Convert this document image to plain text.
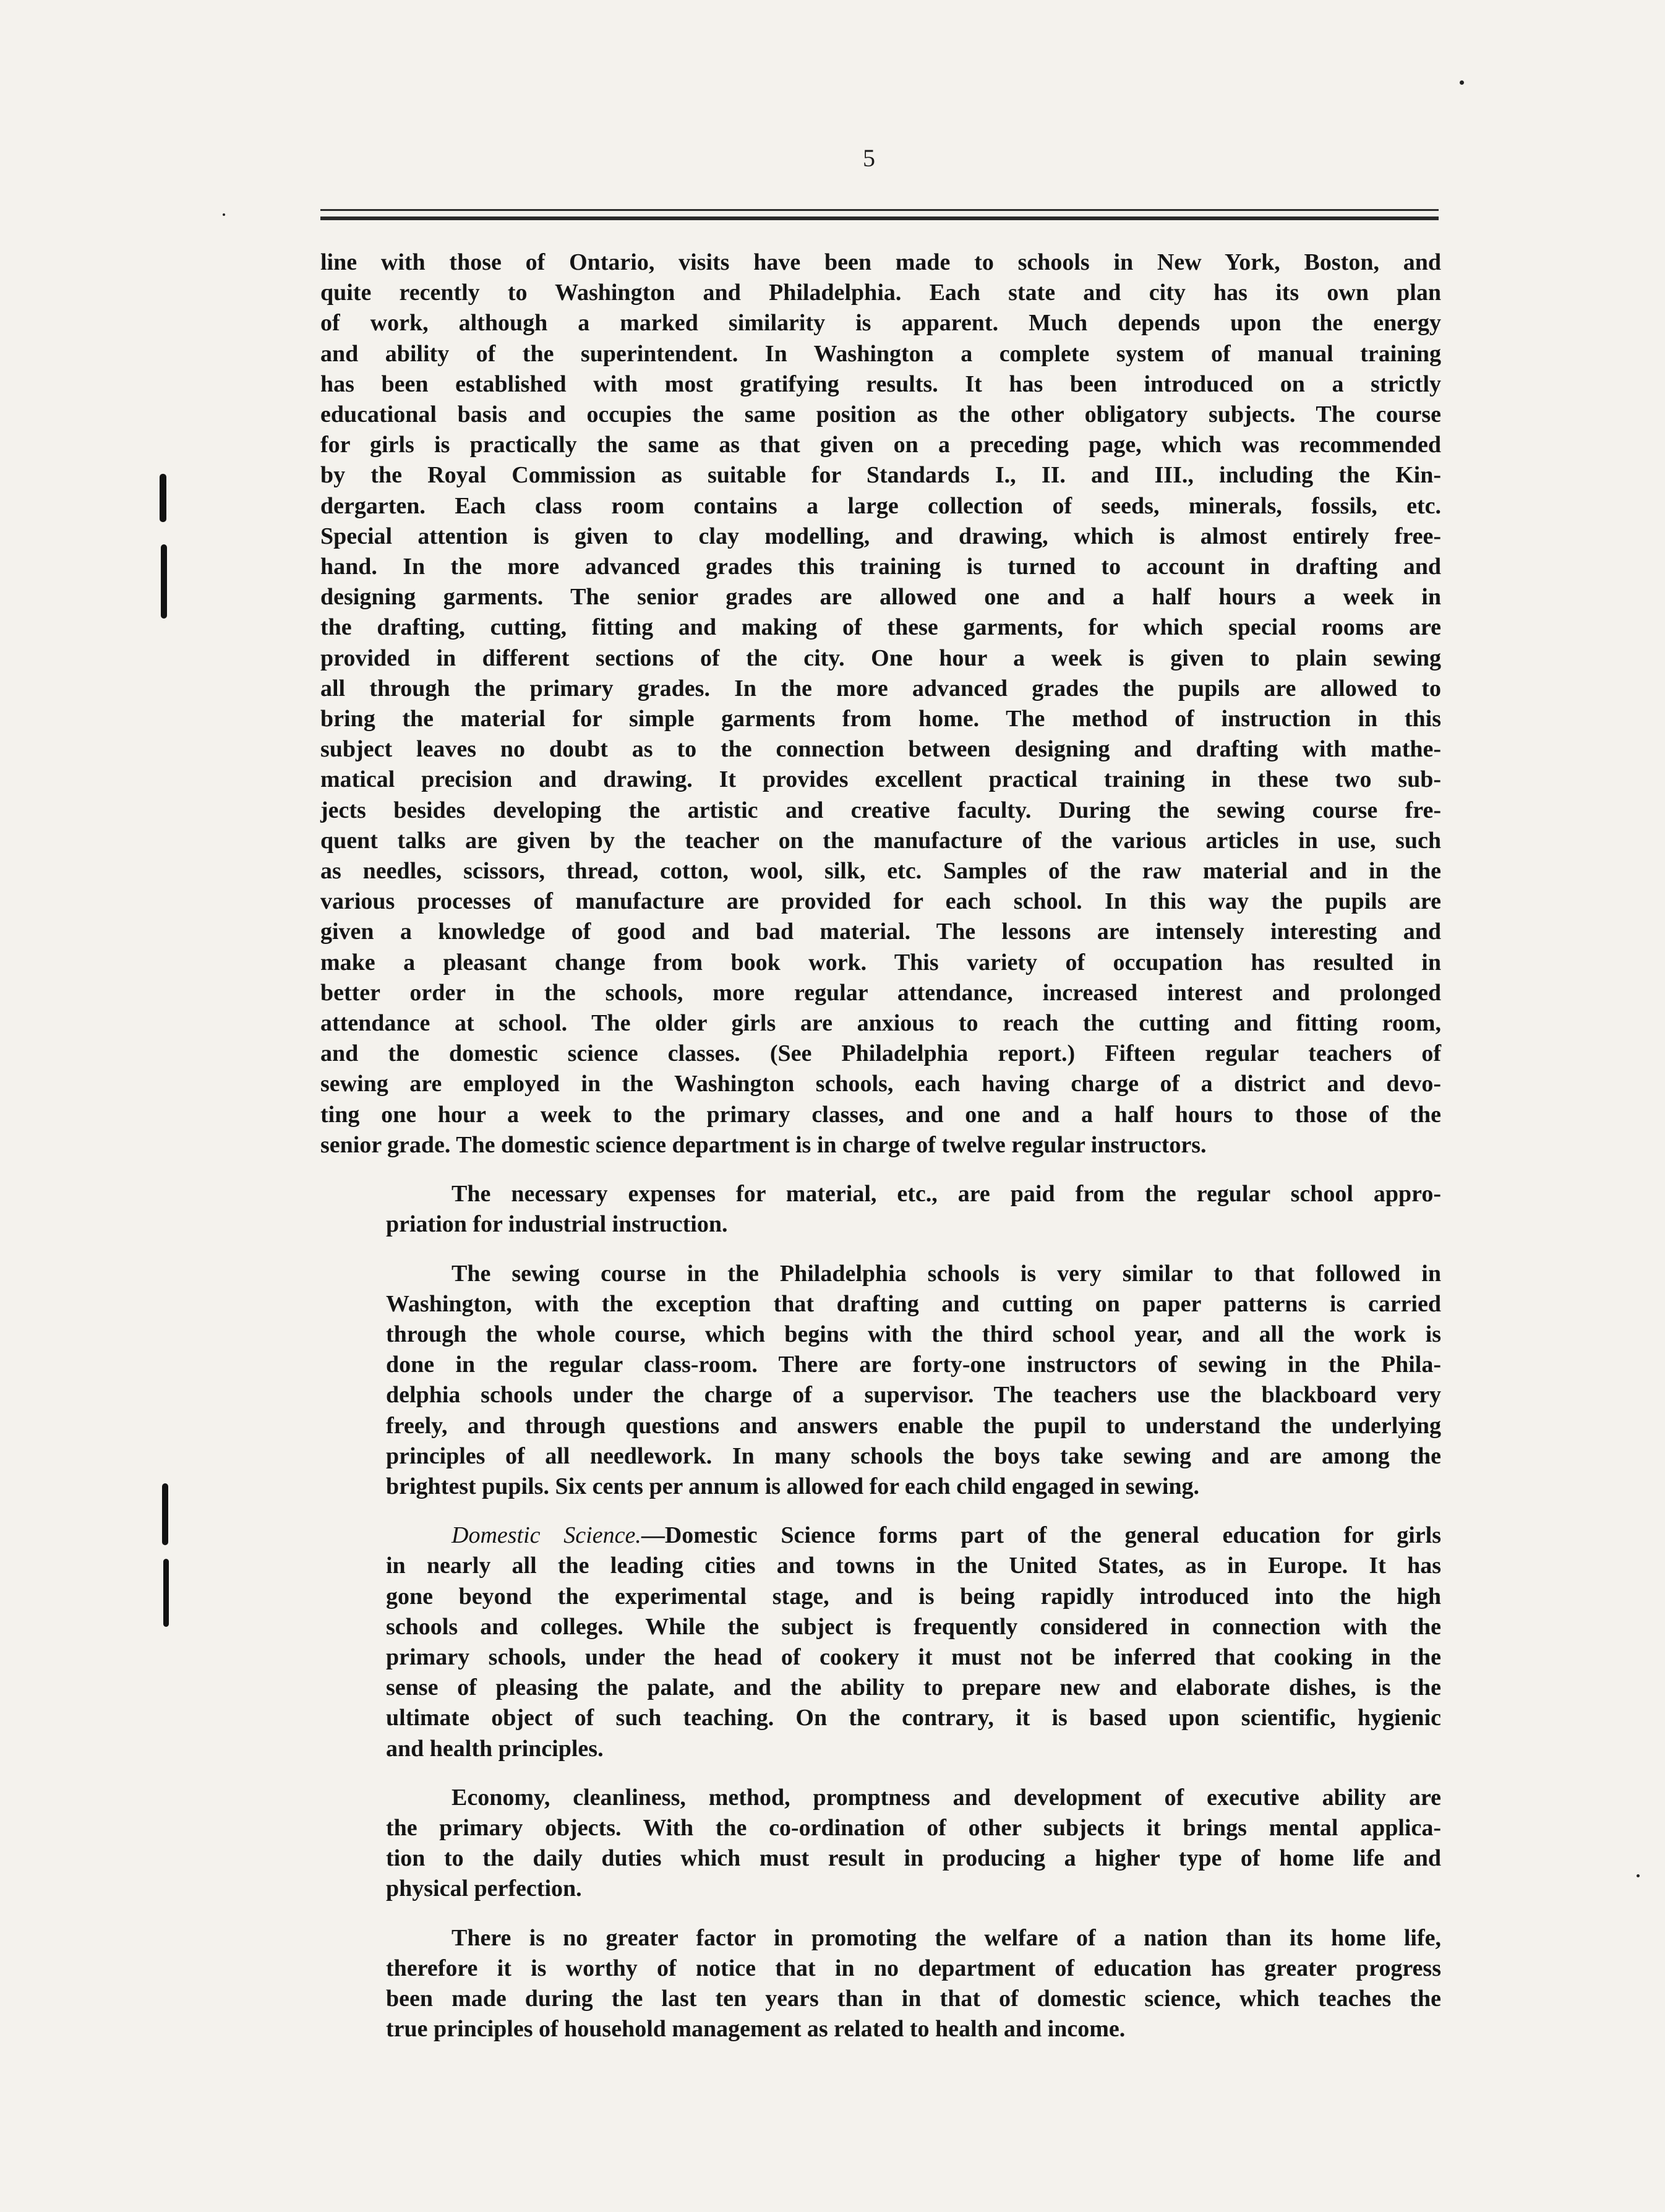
5

line with those of Ontario, visits have been made to schools in New York, Boston, and
quite recently to Washington and Philadelphia. Each state and city has its own plan
of work, although a marked similarity is apparent. Much depends upon the energy
and ability of the superintendent. In Washington a complete system of manual training
has been established with most gratifying results. It has been introduced on a strictly
educational basis and occupies the same position as the other obligatory subjects. The course
for girls is practically the same as that given on a preceding page, which was recommended
by the Royal Commission as suitable for Standards I., II. and III., including the Kin-
dergarten. Each class room contains a large collection of seeds, minerals, fossils, etc.
Special attention is given to clay modelling, and drawing, which is almost entirely free-
hand. In the more advanced grades this training is turned to account in drafting and
designing garments. The senior grades are allowed one and a half hours a week in
the drafting, cutting, fitting and making of these garments, for which special rooms are
provided in different sections of the city. One hour a week is given to plain sewing
all through the primary grades. In the more advanced grades the pupils are allowed to
bring the material for simple garments from home. The method of instruction in this
subject leaves no doubt as to the connection between designing and drafting with mathe-
matical precision and drawing. It provides excellent practical training in these two sub-
jects besides developing the artistic and creative faculty. During the sewing course fre-
quent talks are given by the teacher on the manufacture of the various articles in use, such
as needles, scissors, thread, cotton, wool, silk, etc. Samples of the raw material and in the
various processes of manufacture are provided for each school. In this way the pupils are
given a knowledge of good and bad material. The lessons are intensely interesting and
make a pleasant change from book work. This variety of occupation has resulted in
better order in the schools, more regular attendance, increased interest and prolonged
attendance at school. The older girls are anxious to reach the cutting and fitting room,
and the domestic science classes. (See Philadelphia report.) Fifteen regular teachers of
sewing are employed in the Washington schools, each having charge of a district and devo-
ting one hour a week to the primary classes, and one and a half hours to those of the
senior grade. The domestic science department is in charge of twelve regular instructors.

The necessary expenses for material, etc., are paid from the regular school appro-
priation for industrial instruction.

The sewing course in the Philadelphia schools is very similar to that followed in
Washington, with the exception that drafting and cutting on paper patterns is carried
through the whole course, which begins with the third school year, and all the work is
done in the regular class-room. There are forty-one instructors of sewing in the Phila-
delphia schools under the charge of a supervisor. The teachers use the blackboard very
freely, and through questions and answers enable the pupil to understand the underlying
principles of all needlework. In many schools the boys take sewing and are among the
brightest pupils. Six cents per annum is allowed for each child engaged in sewing.

Domestic Science.—Domestic Science forms part of the general education for girls
in nearly all the leading cities and towns in the United States, as in Europe. It has
gone beyond the experimental stage, and is being rapidly introduced into the high
schools and colleges. While the subject is frequently considered in connection with the
primary schools, under the head of cookery it must not be inferred that cooking in the
sense of pleasing the palate, and the ability to prepare new and elaborate dishes, is the
ultimate object of such teaching. On the contrary, it is based upon scientific, hygienic
and health principles.

Economy, cleanliness, method, promptness and development of executive ability are
the primary objects. With the co-ordination of other subjects it brings mental applica-
tion to the daily duties which must result in producing a higher type of home life and
physical perfection.

There is no greater factor in promoting the welfare of a nation than its home life,
therefore it is worthy of notice that in no department of education has greater progress
been made during the last ten years than in that of domestic science, which teaches the
true principles of household management as related to health and income.
